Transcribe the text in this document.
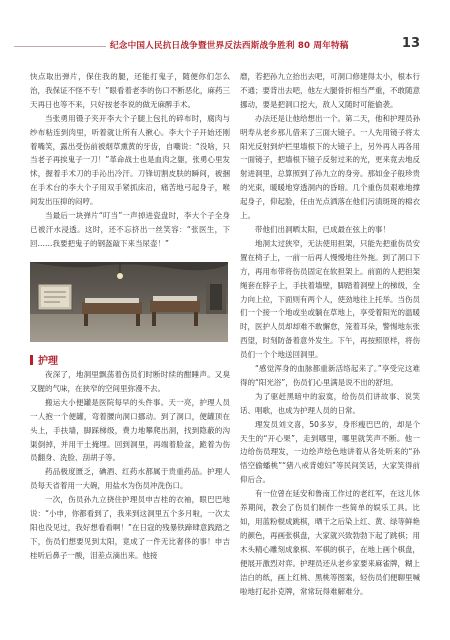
纪念中国人民抗日战争暨世界反法西斯战争胜利 80 周年特稿	13

快点取出弹片，保住我的腿，还能打鬼子，随便你们怎么治，我保证不怪不专！”眼看着老李的伤口不断恶化，麻药三天再日也等不来，只好按老李说的做无麻醉手术。

当张勇用镊子夹开李大个子腿上包扎的碎布时，腐肉与纱布粘连到肉里，听着就让所有人揪心。李大个子开始还刚着嘴笑，露出受伤前被烟草熏黄的牙齿，自嘲说：“没啥，只当老子再挨鬼子一刀！”革命战士也是血肉之躯，张勇心里发怵，握着手术刀的手沁出冷汗。刀锋切割皮肤的瞬间，被捆在手术台的李大个子用双手紧抓床沿，痛苦地弓起身子，喉间发出压抑的闷哼。

当最后一块弹片“叮当”一声掉进瓷盘时，李大个子全身已被汗水浸透。这时，还不忘挤出一丝笑容：“张医生，下回……我要把鬼子的钢盔敲下来当尿壶！”

护理

夜深了，地洞里飘荡着伤员们时断时续的酣睡声。又臭又腥的气味，在狭窄的空间里弥漫不去。

搬运大小便罐是医院每早的头件事。天一亮，护理人员一人抱一个便罐，弯着腰向洞口挪动。到了洞口，便罐顶在头上，手扶墙，脚踩梯级，费力地攀爬出洞，找到隐蔽的沟渠倒掉，并用干土掩埋。回到洞里，再端着脸盆，跪着为伤员翻身、洗脸、刮胡子等。

药品极度匮乏，碘酒、红药水都属于贵重药品。护理人员每天省着用一大碗，用盐水为伤员冲洗伤口。

一次，伤员孙九立挠住护理员申吉桂的衣袖，眼巴巴地说：“小申，你都看到了，我来到这洞里五个多月啦，一次太阳也没见过，我好想看看啊！”在日寇的残暴铁蹄肆意践踏之下，伤员们想要见到太阳，竟成了一件无比奢侈的事！申吉桂听后鼻子一酸，泪差点滴出来。他接

磨，若把孙九立抬出去吧，可洞口修建得太小，根本行不通；要背出去吧，他左大腿骨折相当严重，不敢随意挪动，要是把洞口挖大，敌人又随时可能偷袭。

办法还是让他给想出一个。第二天，他和护理员孙明寿从老乡那儿借来了三面大镜子。一人先用镜子将太阳光反射到炉栏里墙根下的大镜子上，另外再人再各用一面镜子，把墙根下镜子反射过来的光，更来竟去地反射进洞里，总算照到了孙九立的身旁。那如金子般珍贵的光束，暖暖地穿透洞内的昏暗。几个重伤员艰难地撑起身子，仰起脸，任由光点洒落在他们污渍斑斑的棉衣上。

带他们出洞晒太阳，已成最在弦上的事！

地洞太过狭窄，无法使用担架，只能先把重伤员安置在椅子上，一前一后再人慢慢地往外拖。到了洞口下方，再用布带将伤员固定在软担架上。前面的人把担架绳套在脖子上，手扶着墙壁，脚踏着洞壁上的梯级，全力向上拉，下面则有两个人，使劲地往上托举。当伤员们一个接一个地或坐或躺在草地上，享受着阳光的温暖时，医护人员却却难不敢懈怠，笼着耳朵，警惕地东张西望，时刻防备着意外发生。下午，再按照原样，将伤员们一个个地送回洞里。

“感觉浑身的血脉都重新活络起来了。”享受完这难得的“阳光浴”，伤员们心里满是说不出的舒坦。

为了驱赶黑暗中的寂寞，给伤员们讲故事、说笑话、唱歌，也成为护理人员的日常。

理发员刘文喜，50多岁，身形瘦巴巴的，却是个天生的“开心果”，走到哪里，哪里就笑声不断。他一边给伤员理发，一边绘声绘色地讲着从各处听来的“孙悟空偷蟠桃”“猪八戒背媳妇”等民间笑话，大家笑得前仰后合。

有一位曾在延安和鲁南工作过的老红军，在这儿休养期间，教会了伤员们制作一些简单的娱乐工具。比如，用蓝粉棍成跳棋，晒干之后染上红、黄、绿等鲜艳的颜色，再画张棋盘，大家就兴致勃勃下起了跳棋；用木头精心雕刻成象棋、军棋的棋子，在地上画个棋盘，便展开激烈对弈。护理员还从老乡家要来麻雀牌，糊上洁白的纸，画上红桃、黑桃等图案，轻伤员们便聊里喊啦地打起扑克牌，常常玩得难解难分。
